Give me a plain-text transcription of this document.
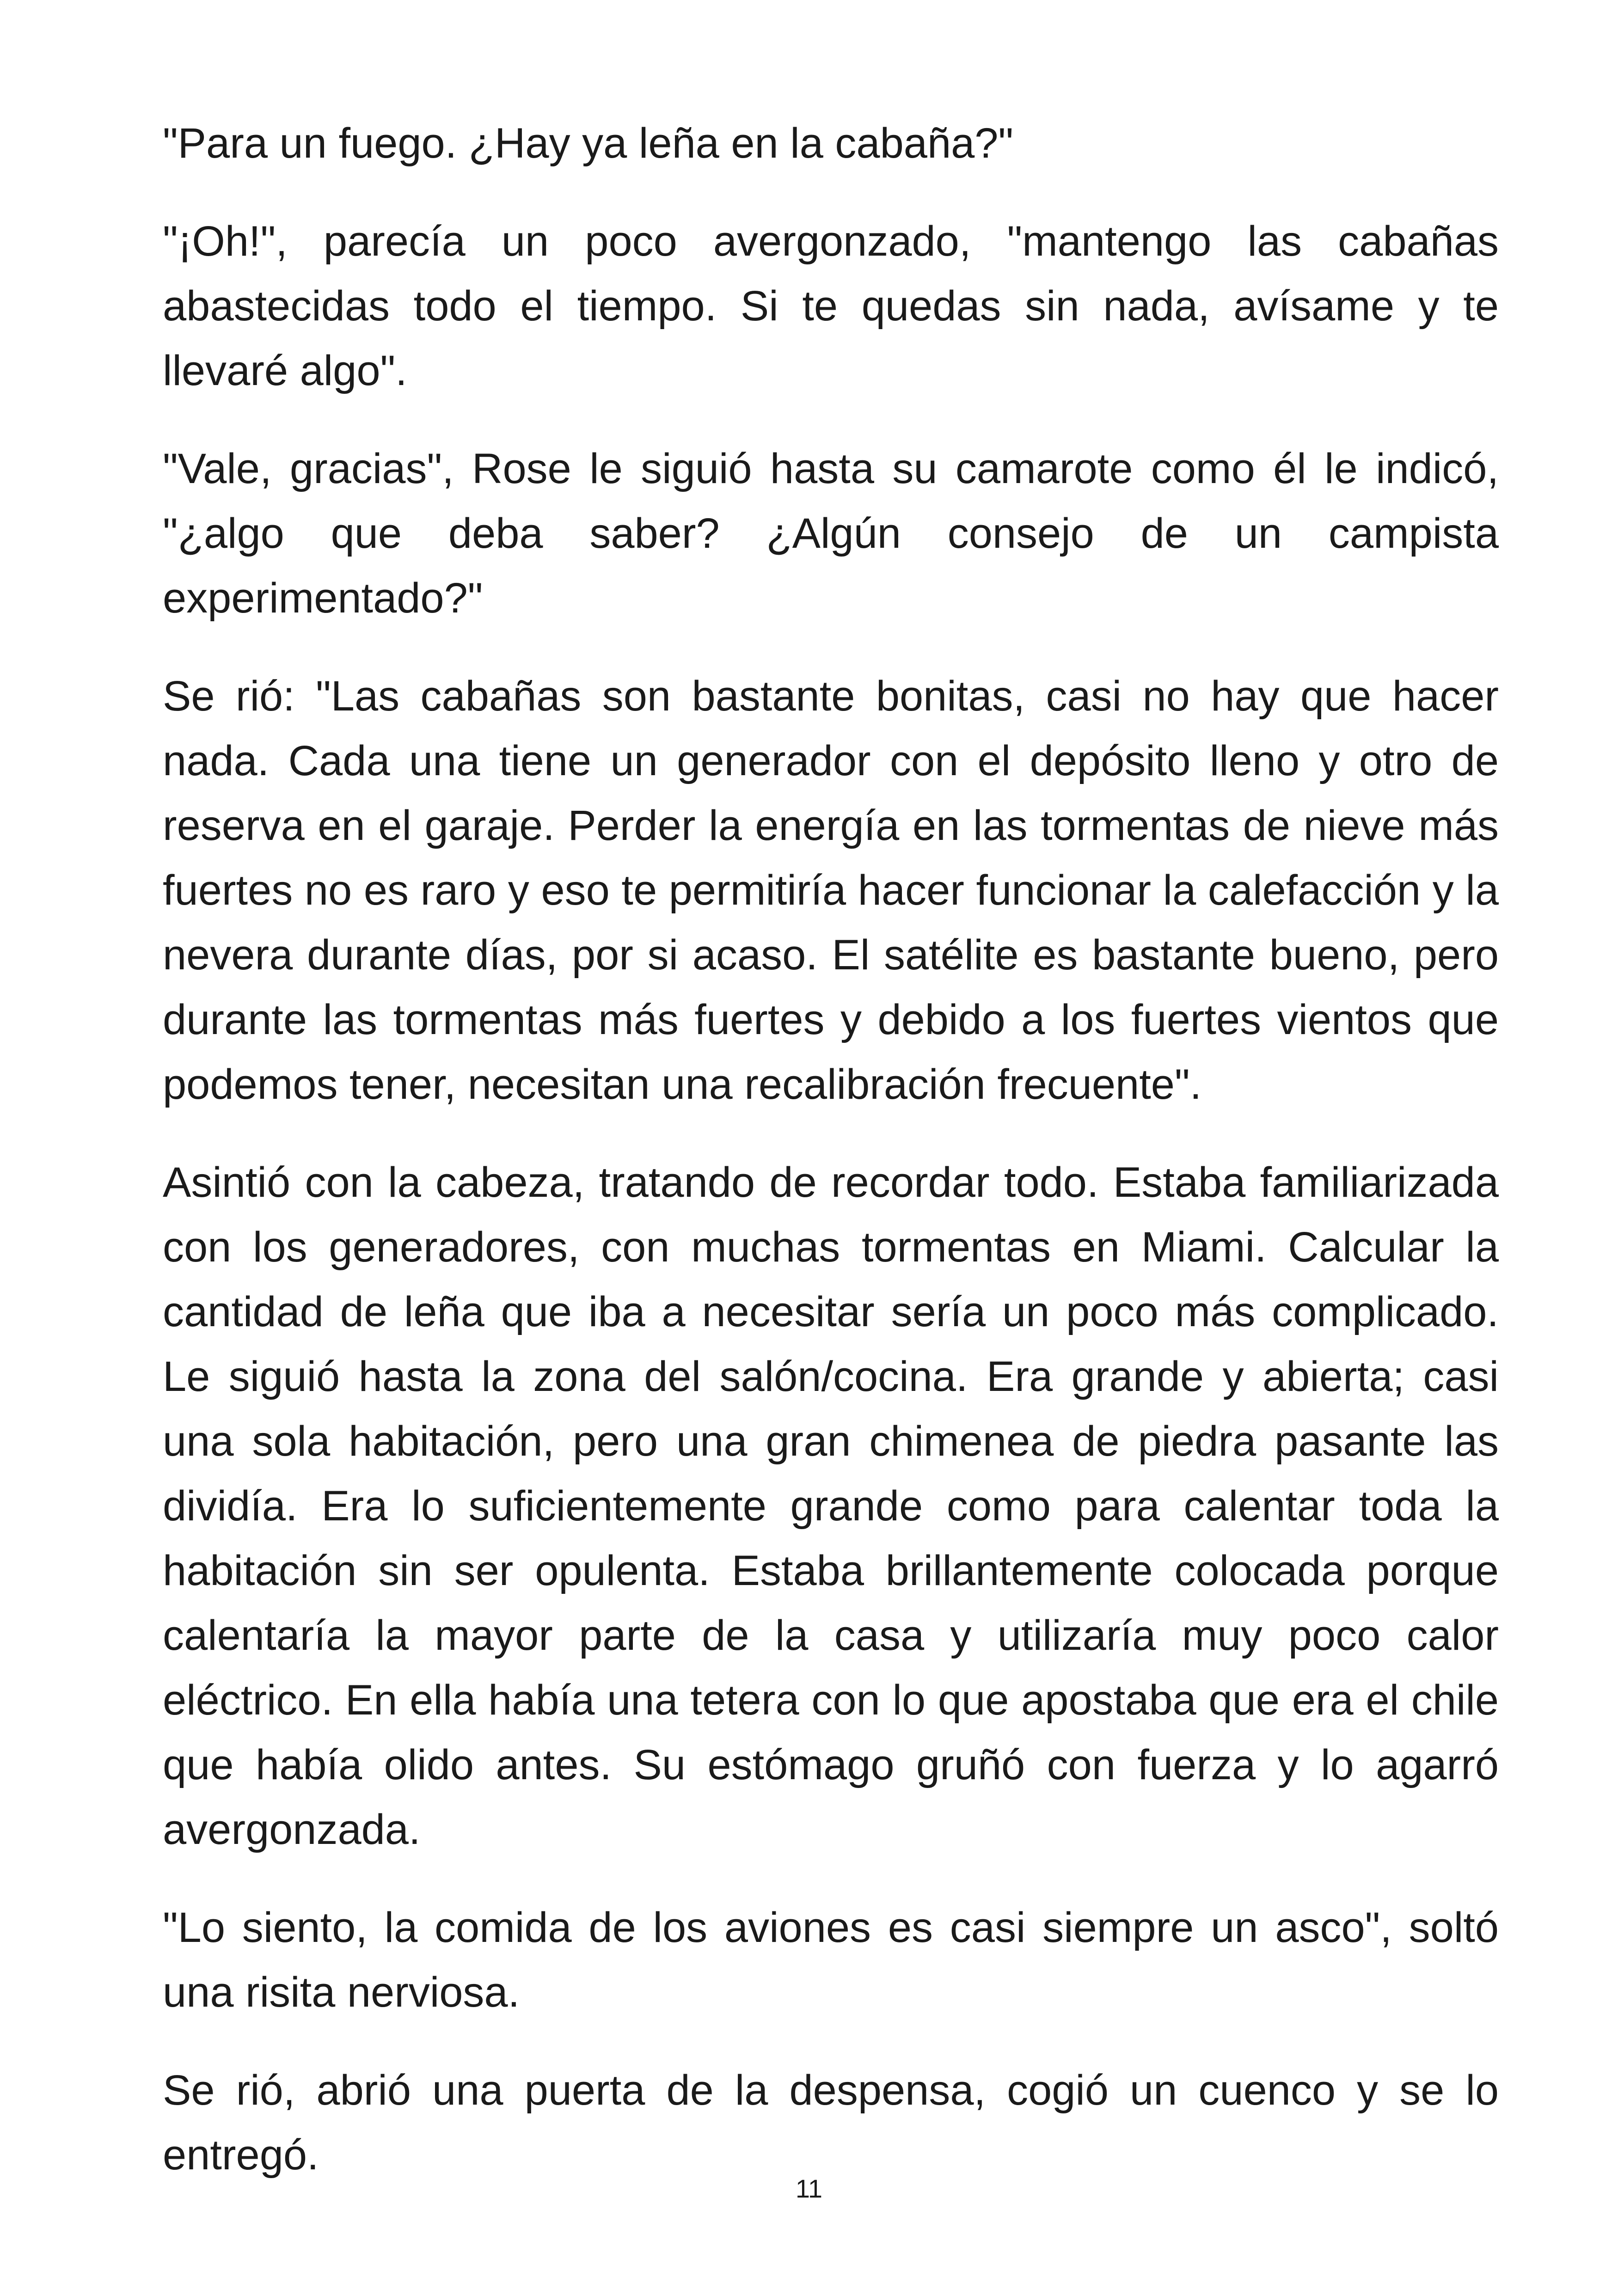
"Para un fuego. ¿Hay ya leña en la cabaña?"

"¡Oh!", parecía un poco avergonzado, "mantengo las cabañas abastecidas todo el tiempo. Si te quedas sin nada, avísame y te llevaré algo".

"Vale, gracias", Rose le siguió hasta su camarote como él le indicó, "¿algo que deba saber? ¿Algún consejo de un campista experimentado?"

Se rió: "Las cabañas son bastante bonitas, casi no hay que hacer nada. Cada una tiene un generador con el depósito lleno y otro de reserva en el garaje. Perder la energía en las tormentas de nieve más fuertes no es raro y eso te permitiría hacer funcionar la calefacción y la nevera durante días, por si acaso. El satélite es bastante bueno, pero durante las tormentas más fuertes y debido a los fuertes vientos que podemos tener, necesitan una recalibración frecuente".

Asintió con la cabeza, tratando de recordar todo. Estaba familiarizada con los generadores, con muchas tormentas en Miami. Calcular la cantidad de leña que iba a necesitar sería un poco más complicado. Le siguió hasta la zona del salón/cocina. Era grande y abierta; casi una sola habitación, pero una gran chimenea de piedra pasante las dividía. Era lo suficientemente grande como para calentar toda la habitación sin ser opulenta. Estaba brillantemente colocada porque calentaría la mayor parte de la casa y utilizaría muy poco calor eléctrico. En ella había una tetera con lo que apostaba que era el chile que había olido antes. Su estómago gruñó con fuerza y lo agarró avergonzada.

"Lo siento, la comida de los aviones es casi siempre un asco", soltó una risita nerviosa.

Se rió, abrió una puerta de la despensa, cogió un cuenco y se lo entregó.

11
